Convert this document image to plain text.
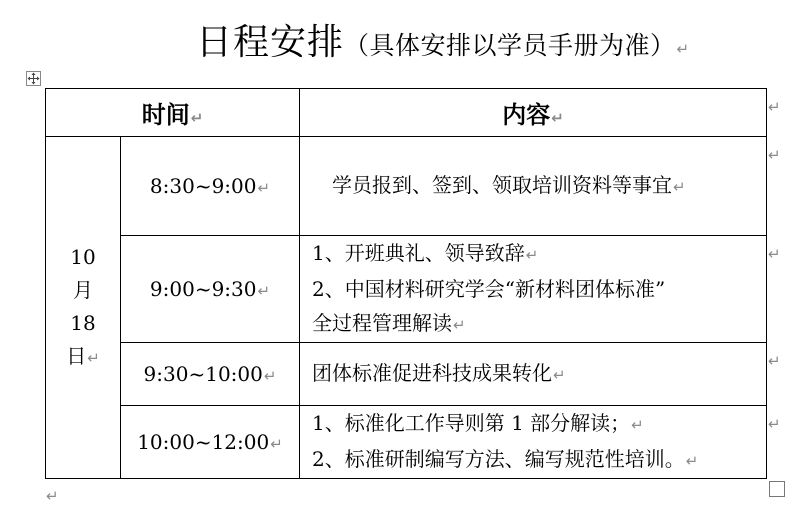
日程安排（具体安排以学员手册为准）↵
时间↵		内容↵

10
月
18
日↵	8:30~9:00↵	学员报到、签到、领取培训资料等事宜↵

	9:00~9:30↵	1、开班典礼、领导致辞↵
2、中国材料研究学会“新材料团体标准”
全过程管理解读↵

	9:30~10:00↵	团体标准促进科技成果转化↵

	10:00~12:00↵	1、标准化工作导则第 1 部分解读；↵
2、标准研制编写方法、编写规范性培训。↵
↵
↵
↵
↵
↵
↵
